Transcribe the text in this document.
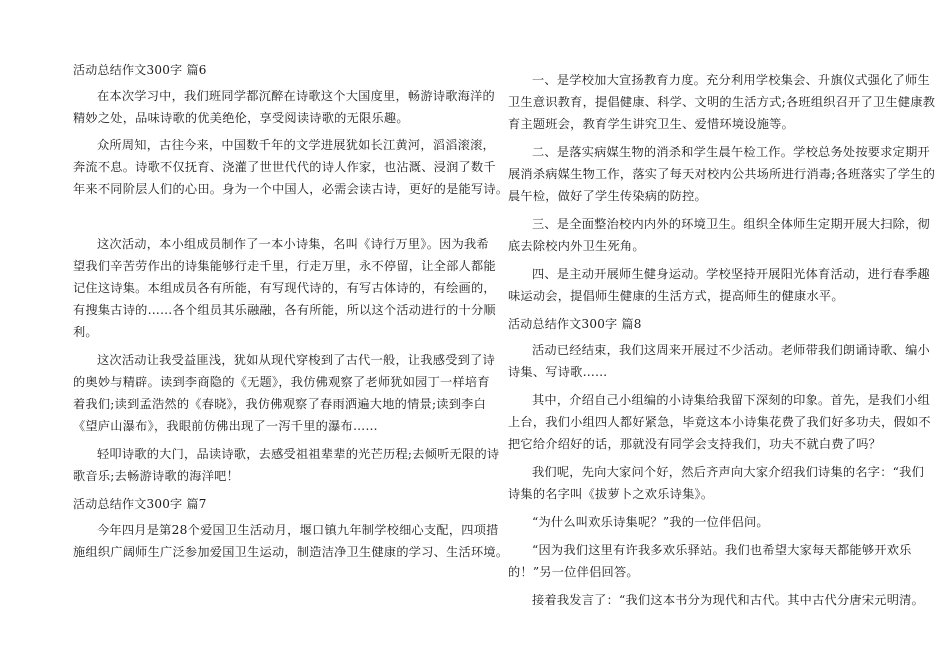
活动总结作文300字 篇6
在本次学习中，我们班同学都沉醉在诗歌这个大国度里，畅游诗歌海洋的
精妙之处，品味诗歌的优美绝伦，享受阅读诗歌的无限乐趣。
众所周知，古往今来，中国数千年的文学进展犹如长江黄河，滔滔滚滚，
奔流不息。诗歌不仅抚育、浇灌了世世代代的诗人作家，也沾溉、浸润了数千
年来不同阶层人们的心田。身为一个中国人，必需会读古诗，更好的是能写诗。
这次活动，本小组成员制作了一本小诗集，名叫《诗行万里》。因为我希
望我们辛苦劳作出的诗集能够行走千里，行走万里，永不停留，让全部人都能
记住这诗集。本组成员各有所能，有写现代诗的，有写古体诗的，有绘画的，
有搜集古诗的……各个组员其乐融融，各有所能，所以这个活动进行的十分顺
利。
这次活动让我受益匪浅，犹如从现代穿梭到了古代一般，让我感受到了诗
的奥妙与精辟。读到李商隐的《无题》，我仿佛观察了老师犹如园丁一样培育
着我们;读到孟浩然的《春晓》，我仿佛观察了春雨洒遍大地的情景;读到李白
《望庐山瀑布》，我眼前仿佛出现了一泻千里的瀑布……
轻叩诗歌的大门，品读诗歌，去感受祖祖辈辈的光芒历程;去倾听无限的诗
歌音乐;去畅游诗歌的海洋吧！
活动总结作文300字 篇7
今年四月是第28个爱国卫生活动月，堰口镇九年制学校细心支配，四项措
施组织广阔师生广泛参加爱国卫生运动，制造洁净卫生健康的学习、生活环境。
一、是学校加大宣扬教育力度。充分利用学校集会、升旗仪式强化了师生
卫生意识教育，提倡健康、科学、文明的生活方式;各班组织召开了卫生健康教
育主题班会，教育学生讲究卫生、爱惜环境设施等。
二、是落实病媒生物的消杀和学生晨午检工作。学校总务处按要求定期开
展消杀病媒生物工作，落实了每天对校内公共场所进行消毒;各班落实了学生的
晨午检，做好了学生传染病的防控。
三、是全面整治校内内外的环境卫生。组织全体师生定期开展大扫除，彻
底去除校内外卫生死角。
四、是主动开展师生健身运动。学校坚持开展阳光体育活动，进行春季趣
味运动会，提倡师生健康的生活方式，提高师生的健康水平。
活动总结作文300字 篇8
活动已经结束，我们这周来开展过不少活动。老师带我们朗诵诗歌、编小
诗集、写诗歌……
其中，介绍自己小组编的小诗集给我留下深刻的印象。首先，是我们小组
上台，我们小组四人都好紧急，毕竟这本小诗集花费了我们好多功夫，假如不
把它给介绍好的话，那就没有同学会支持我们，功夫不就白费了吗？
我们呢，先向大家问个好，然后齐声向大家介绍我们诗集的名字：“我们
诗集的名字叫《拔萝卜之欢乐诗集》。
“为什么叫欢乐诗集呢？”我的一位伴侣问。
“因为我们这里有许我多欢乐驿站。我们也希望大家每天都能够开欢乐
的！”另一位伴侣回答。
接着我发言了：“我们这本书分为现代和古代。其中古代分唐宋元明清。
